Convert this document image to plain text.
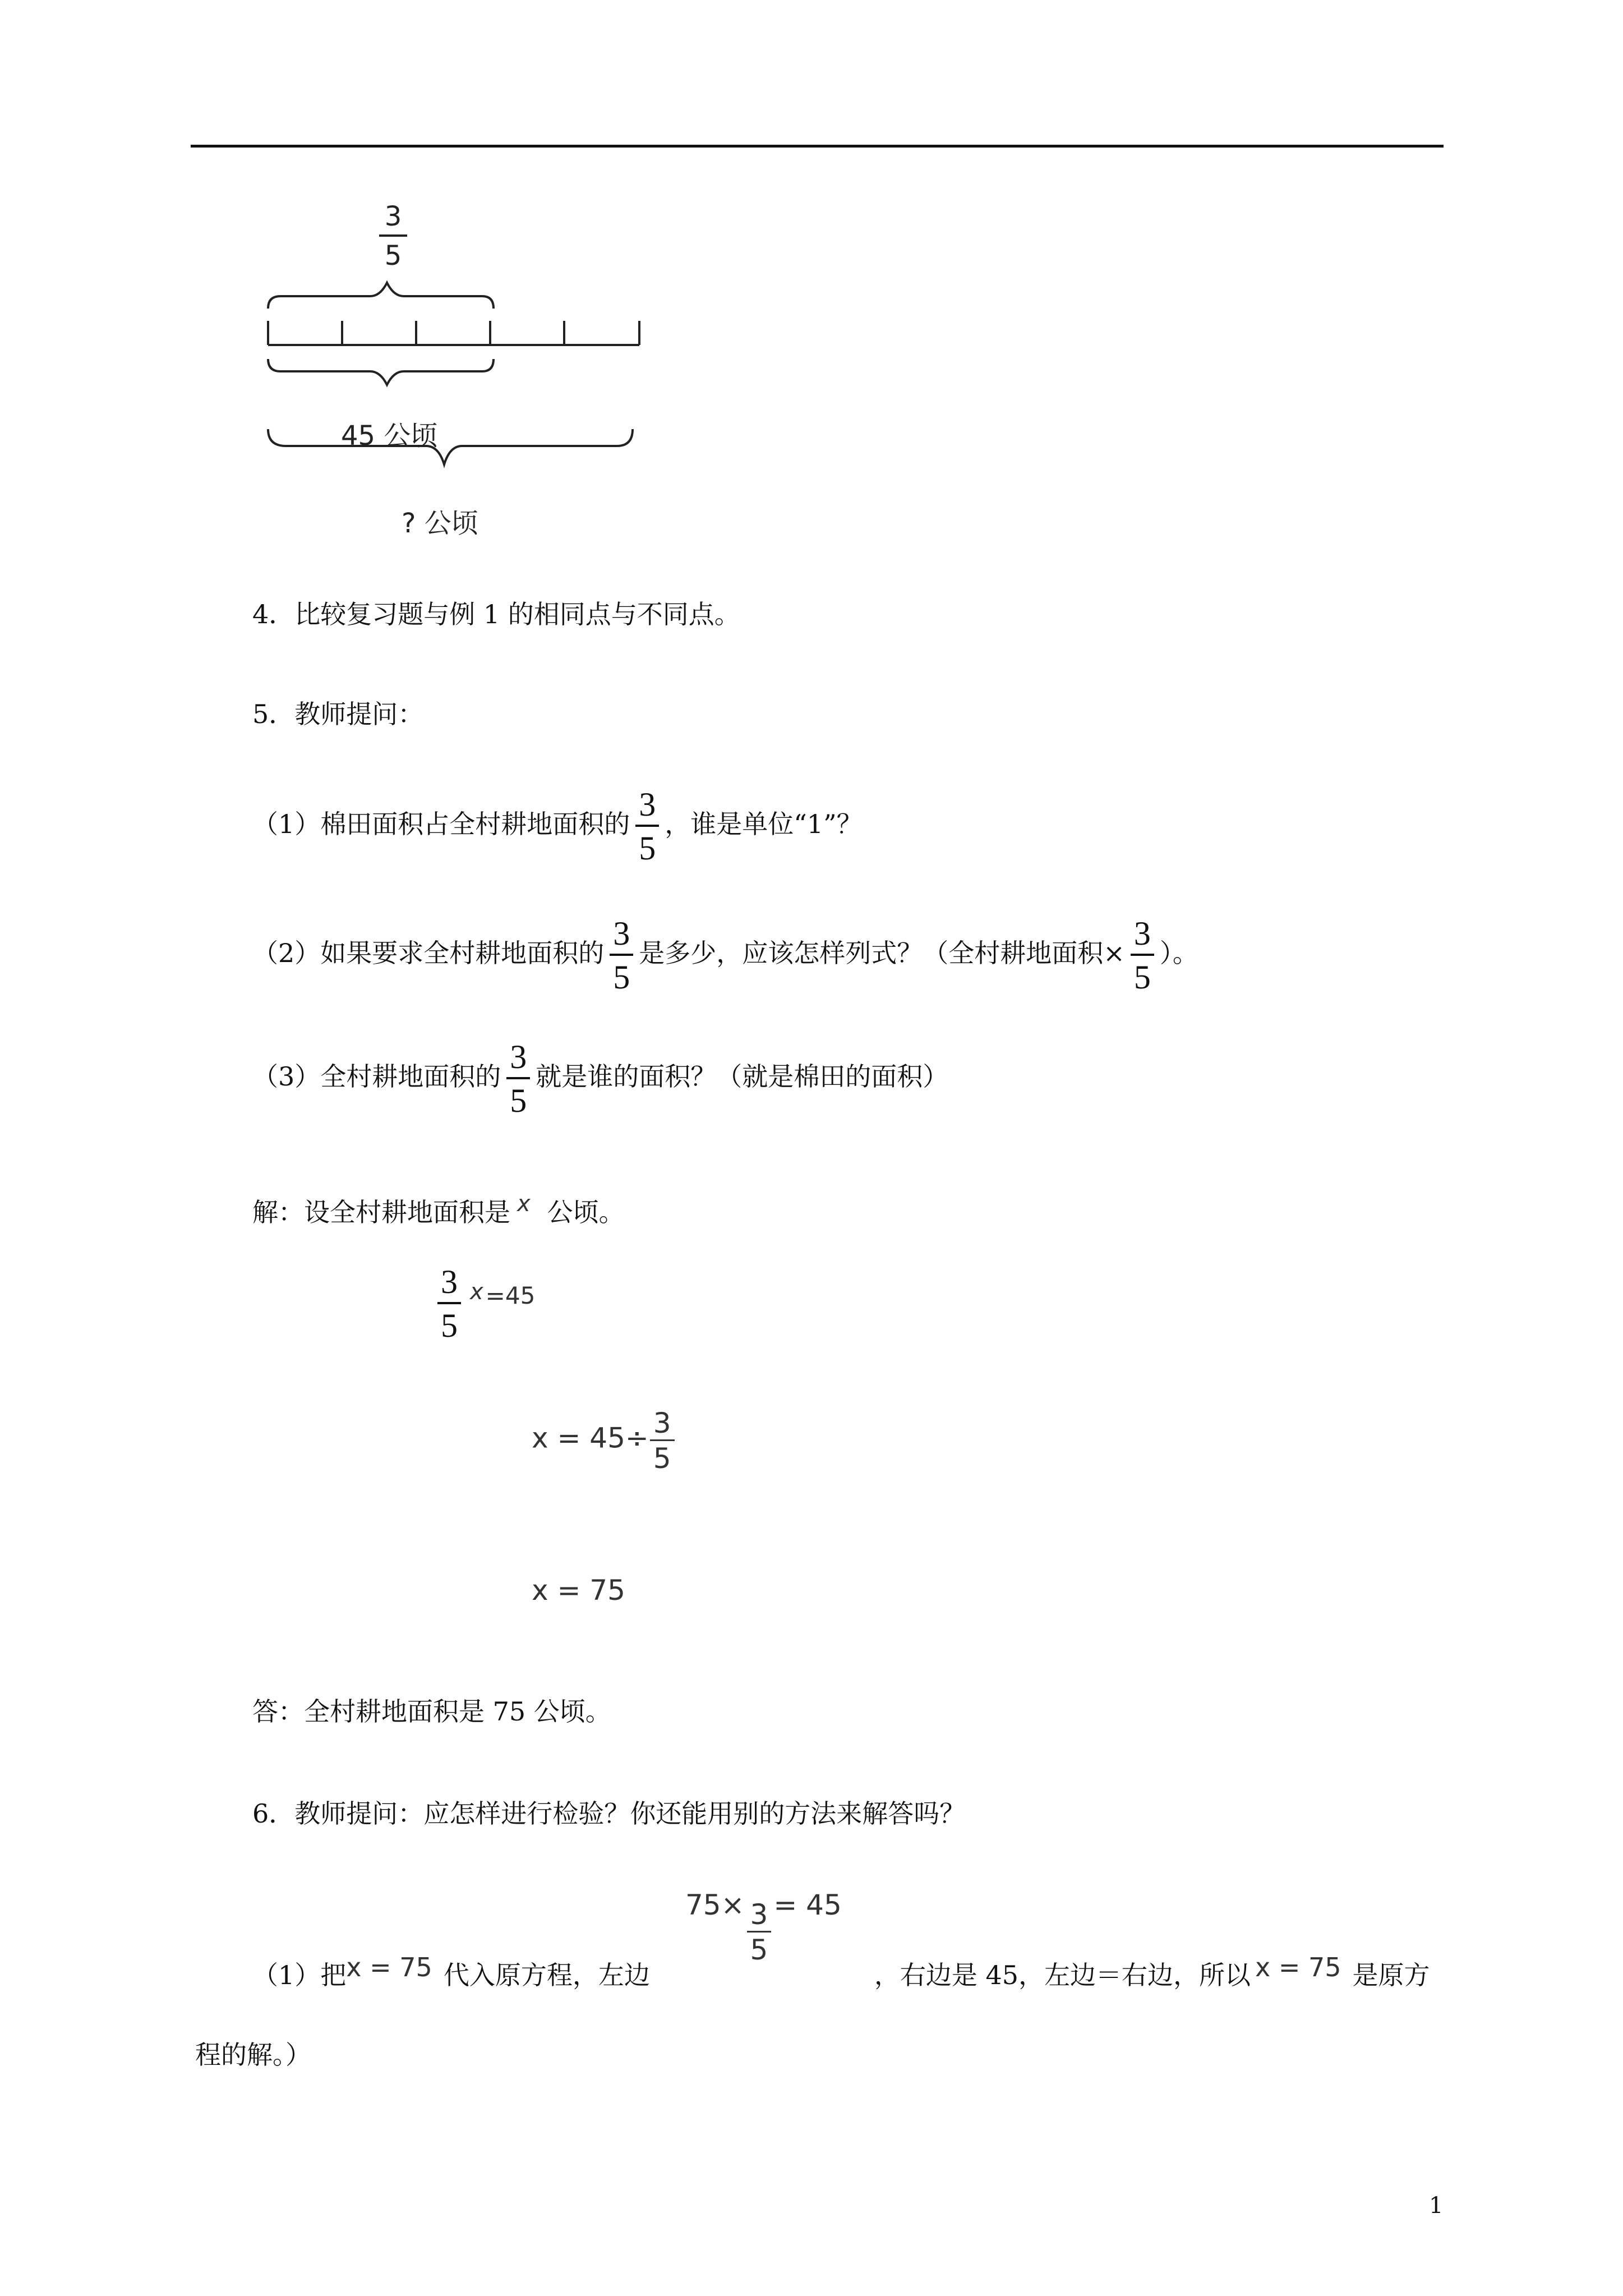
3
5
45 公顷
? 公顷
4．比较复习题与例 1 的相同点与不同点。
5．教师提问：
（1）棉田面积占全村耕地面积的 $\frac{3}{5}$ ，谁是单位“1”？
（2）如果要求全村耕地面积的 $\frac{3}{5}$ 是多少，应该怎样列式？（全村耕地面积× $\frac{3}{5}$ ）。
（3）全村耕地面积的 $\frac{3}{5}$ 就是谁的面积？（就是棉田的面积）
解：设全村耕地面积是 x 公顷。
$\frac{3}{5} x=45$
$x = 45\div \frac{3}{5}$
x = 75
答：全村耕地面积是 75 公顷。
6．教师提问：应怎样进行检验？你还能用别的方法来解答吗？
$75\times \frac{3}{5} = 45$
（1）把x = 75 代入原方程，左边	，右边是 45，左边＝右边，所以 x = 75 是原方
程的解。）
1
